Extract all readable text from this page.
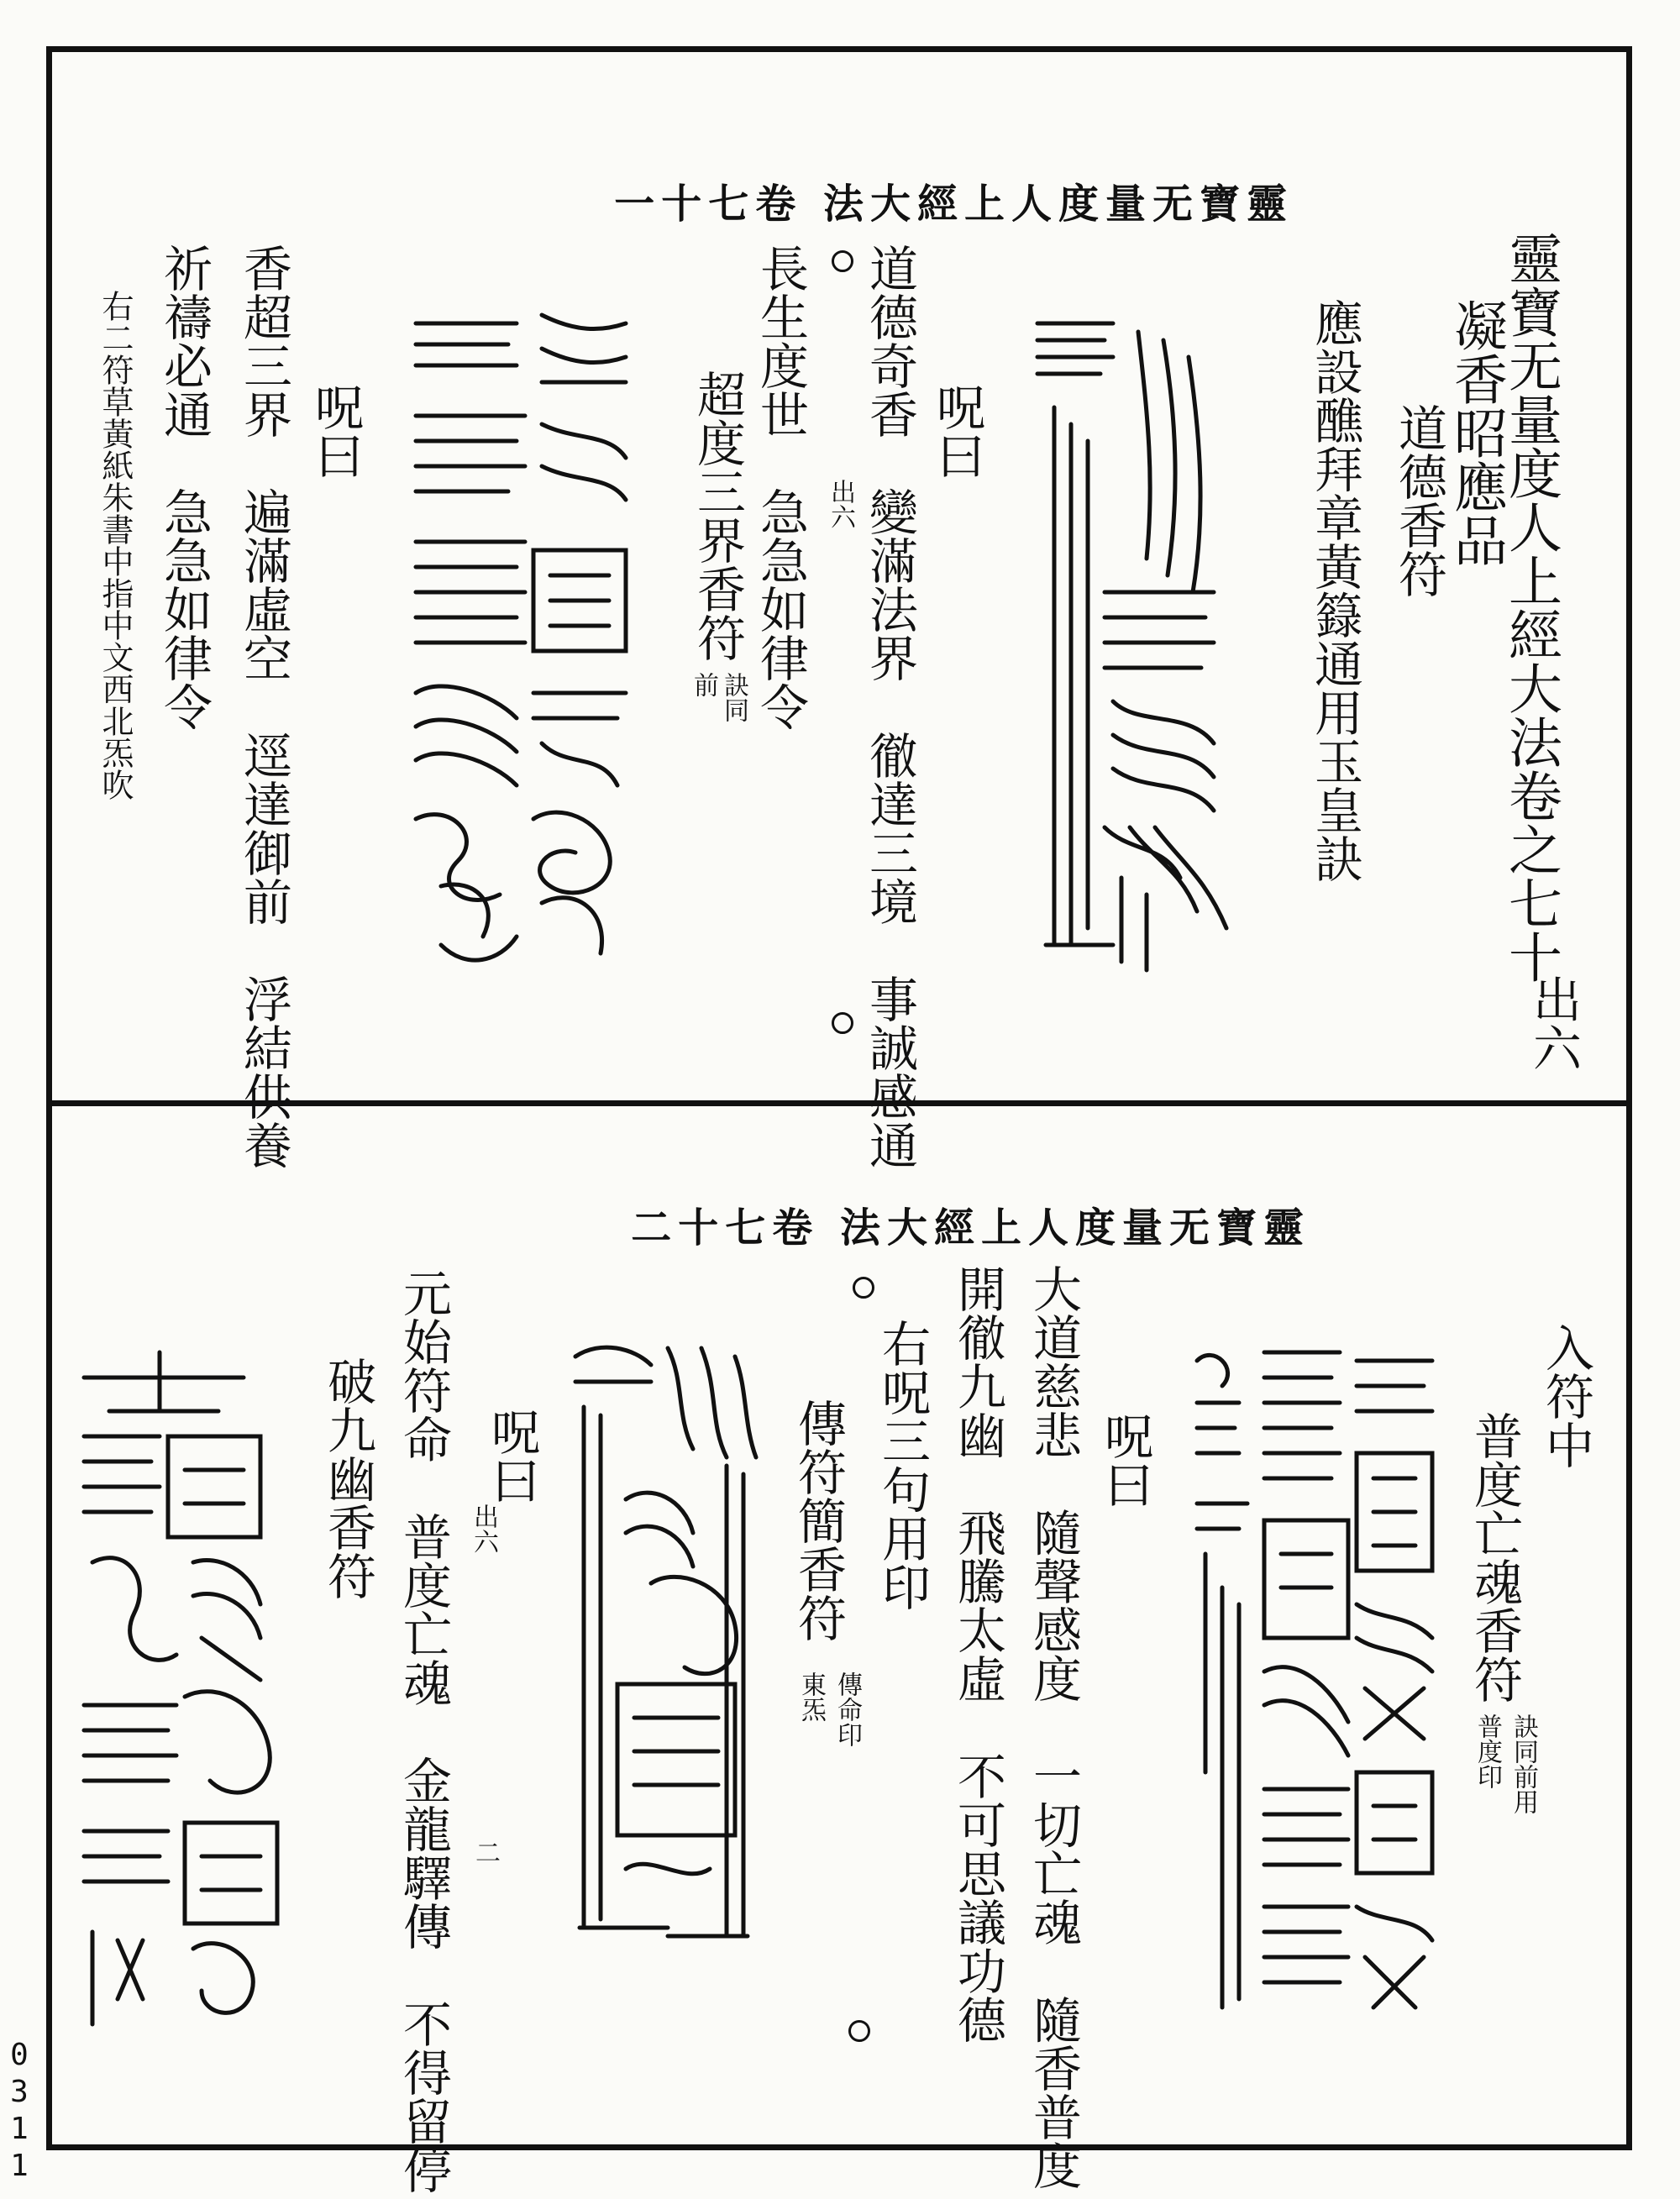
靈寶无量度人上經大法 卷七十一
靈寶无量度人上經大法卷之七十
出六
凝香昭應品
道德香符
應設醮拜章黃籙通用玉皇訣
呪曰
道德奇香　變滿法界　徹達三境　事誠感通
長生度世　急急如律令 出六
超度三界香符
訣同
前
呪曰
香超三界　遍滿虛空　逕達御前　浮結供養
祈禱必通　急急如律令
右二符草黃紙朱書中指中文西北炁吹
靈寶无量度人上經大法 卷七十二
入符中
普度亡魂香符
訣同前用
普度印
呪曰
大道慈悲　隨聲感度　一切亡魂　隨香普度
開徹九幽　飛騰太虛　不可思議功德
右呪三句用印
傳符簡香符
傳命印
東炁
呪曰
元始符命　普度亡魂　金龍驛傳　不得留停 出六
二
破九幽香符
0
3
1
1
